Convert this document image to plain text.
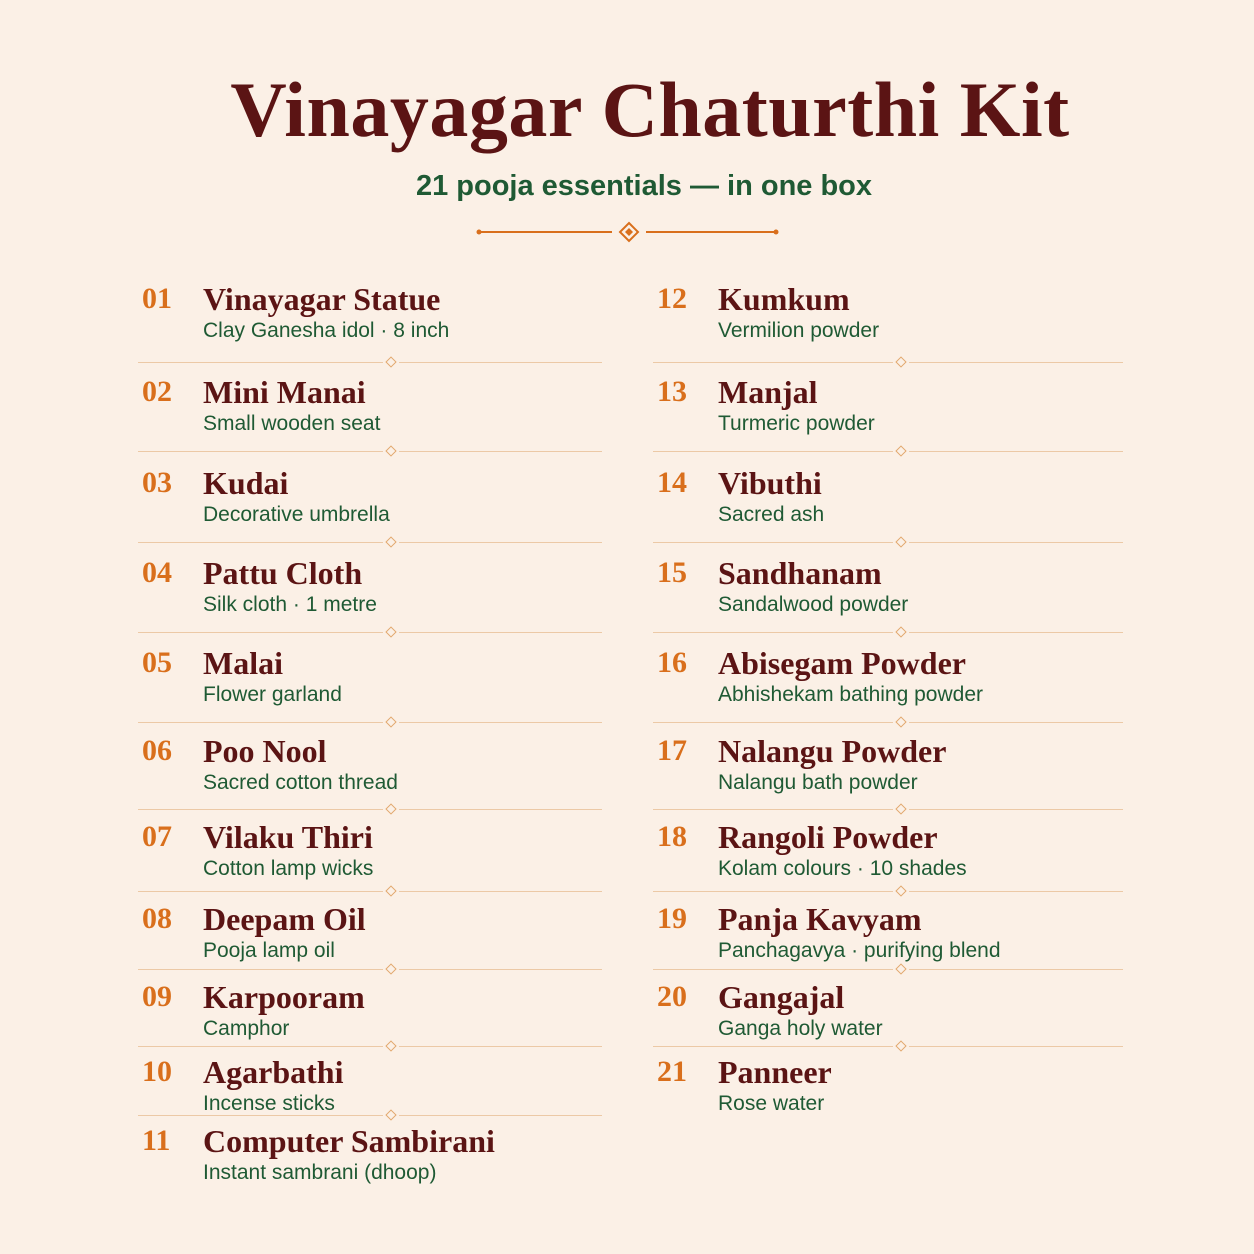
Vinayagar Chaturthi Kit
21 pooja essentials — in one box
01 Vinayagar Statue
Clay Ganesha idol · 8 inch
02 Mini Manai
Small wooden seat
03 Kudai
Decorative umbrella
04 Pattu Cloth
Silk cloth · 1 metre
05 Malai
Flower garland
06 Poo Nool
Sacred cotton thread
07 Vilaku Thiri
Cotton lamp wicks
08 Deepam Oil
Pooja lamp oil
09 Karpooram
Camphor
10 Agarbathi
Incense sticks
11 Computer Sambirani
Instant sambrani (dhoop)
12 Kumkum
Vermilion powder
13 Manjal
Turmeric powder
14 Vibuthi
Sacred ash
15 Sandhanam
Sandalwood powder
16 Abisegam Powder
Abhishekam bathing powder
17 Nalangu Powder
Nalangu bath powder
18 Rangoli Powder
Kolam colours · 10 shades
19 Panja Kavyam
Panchagavya · purifying blend
20 Gangajal
Ganga holy water
21 Panneer
Rose water
